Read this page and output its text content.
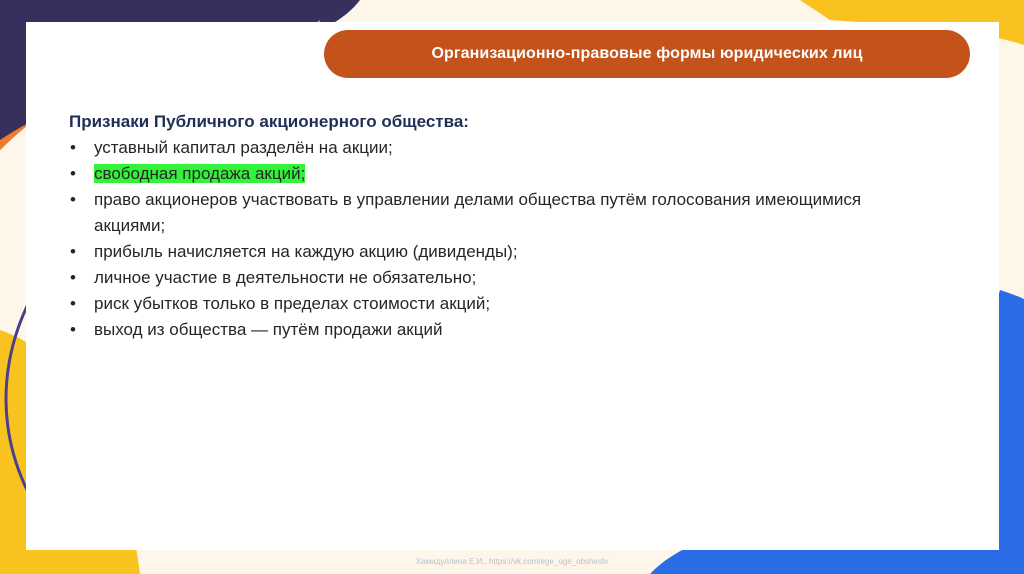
Организационно-правовые формы юридических лиц
Признаки Публичного акционерного общества:
• уставный капитал разделён на акции;
• свободная продажа акций;
• право акционеров участвовать в управлении делами общества путём голосования имеющимися акциями;
• прибыль начисляется на каждую акцию (дивиденды);
• личное участие в деятельности не обязательно;
• риск убытков только в пределах стоимости акций;
• выход из общества — путём продажи акций
Хамидуллина Е.И., https://vk.com/ege_oge_obshestv
